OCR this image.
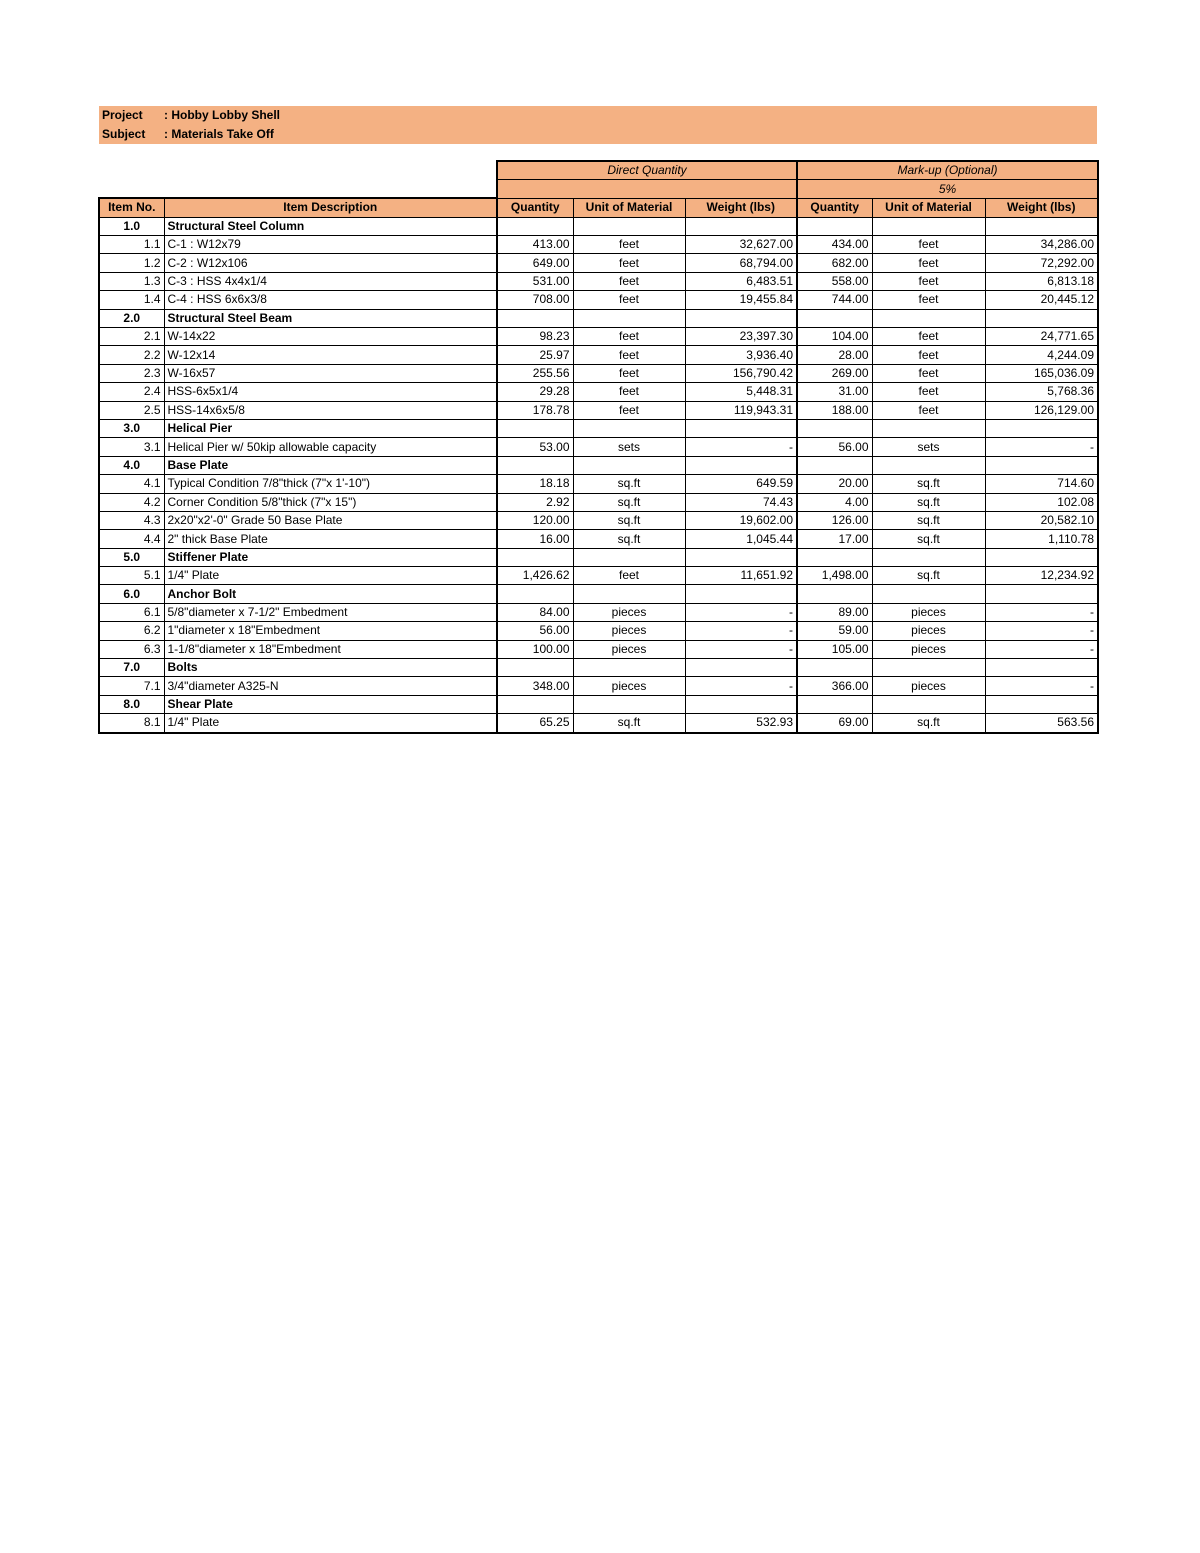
Project : Hobby Lobby Shell
Subject : Materials Take Off
		Direct Quantity			Mark-up (Optional)		
					5%		
Item No.	Item Description	Quantity	Unit of Material	Weight (lbs)	Quantity	Unit of Material	Weight (lbs)
1.0	Structural Steel Column						
1.1	C-1 : W12x79	413.00	feet	32,627.00	434.00	feet	34,286.00
1.2	C-2 : W12x106	649.00	feet	68,794.00	682.00	feet	72,292.00
1.3	C-3 : HSS 4x4x1/4	531.00	feet	6,483.51	558.00	feet	6,813.18
1.4	C-4 : HSS 6x6x3/8	708.00	feet	19,455.84	744.00	feet	20,445.12
2.0	Structural Steel Beam						
2.1	W-14x22	98.23	feet	23,397.30	104.00	feet	24,771.65
2.2	W-12x14	25.97	feet	3,936.40	28.00	feet	4,244.09
2.3	W-16x57	255.56	feet	156,790.42	269.00	feet	165,036.09
2.4	HSS-6x5x1/4	29.28	feet	5,448.31	31.00	feet	5,768.36
2.5	HSS-14x6x5/8	178.78	feet	119,943.31	188.00	feet	126,129.00
3.0	Helical Pier						
3.1	Helical Pier w/ 50kip allowable capacity	53.00	sets	-	56.00	sets	-
4.0	Base Plate						
4.1	Typical Condition 7/8"thick (7"x 1'-10")	18.18	sq.ft	649.59	20.00	sq.ft	714.60
4.2	Corner Condition 5/8"thick (7"x 15")	2.92	sq.ft	74.43	4.00	sq.ft	102.08
4.3	2x20"x2'-0" Grade 50 Base Plate	120.00	sq.ft	19,602.00	126.00	sq.ft	20,582.10
4.4	2" thick Base Plate	16.00	sq.ft	1,045.44	17.00	sq.ft	1,110.78
5.0	Stiffener Plate						
5.1	1/4" Plate	1,426.62	feet	11,651.92	1,498.00	sq.ft	12,234.92
6.0	Anchor Bolt						
6.1	5/8"diameter x 7-1/2" Embedment	84.00	pieces	-	89.00	pieces	-
6.2	1"diameter x 18"Embedment	56.00	pieces	-	59.00	pieces	-
6.3	1-1/8"diameter x 18"Embedment	100.00	pieces	-	105.00	pieces	-
7.0	Bolts						
7.1	3/4"diameter A325-N	348.00	pieces	-	366.00	pieces	-
8.0	Shear Plate						
8.1	1/4" Plate	65.25	sq.ft	532.93	69.00	sq.ft	563.56
